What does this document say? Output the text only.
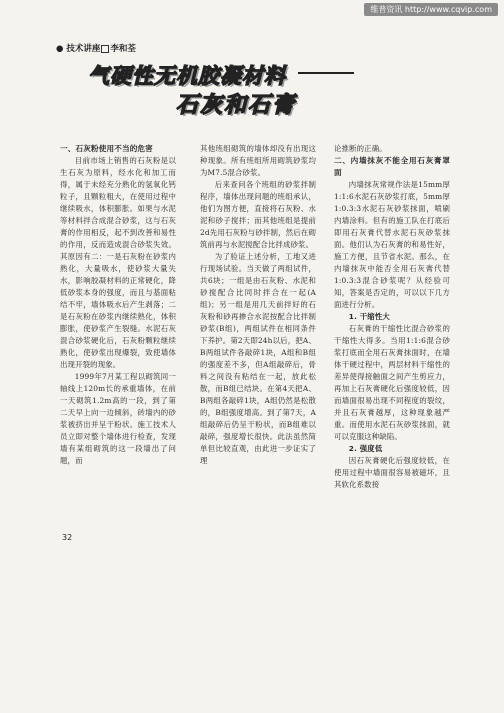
维普资讯 http://www.cqvip.com
● 技术讲座 李和荃
气硬性无机胶凝材料
石灰和石膏
一、石灰粉使用不当的危害

目前市场上销售的石灰粉是以生石灰为原料，经水化和加工而得，属于未经充分熟化的氢氧化钙粒子，且颗粒粗大，在使用过程中继续吸水，体积膨胀。如果与水泥等材料拌合成混合砂浆，这与石灰膏的作用相反，起不到改善和易性的作用，反而造成混合砂浆失效。其原因有二：一是石灰粉在砂浆内熟化，大量吸水，使砂浆大量失水，影响胶凝材料的正常硬化，降低砂浆本身的强度，而且与基面粘结不牢，墙体吸水后产生剥落；二是石灰粉在砂浆内继续熟化，体积膨胀，使砂浆产生裂缝。水泥石灰混合砂浆硬化后，石灰粉颗粒继续熟化，使砂浆出现爆裂，致使墙体出现开裂的现象。

1999年7月某工程以砌筑同一轴线上120m长的承重墙体，在前一天砌筑1.2m高的一段，到了第二天早上向一边倾斜，砖墙内的砂浆被挤出并呈干粉状。施工技术人员立即对整个墙体进行检查，发现墙有某组砌筑的这一段墙出了问题，而

其他班组砌筑的墙体却没有出现这种现象。所有班组所用砌筑砂浆均为M7.5混合砂浆。

后来查问各个班组的砂浆拌制程序，墙体出现问题的班组承认，他们为图方便，直接将石灰粉、水泥和砂子搅拌；而其他班组是提前2d先用石灰粉与砂拌制，然后在砌筑前再与水泥搅配合比拌成砂浆。

为了验证上述分析，工地又进行现场试验。当天做了两组试件，共6块；一组是由石灰粉、水泥和砂搅配合比同时拌合在一起(A组)；另一组是用几天前拌好的石灰粉和砂再掺合水泥按配合比拌制砂浆(B组)，两组试件在相同条件下养护。第2天即24h以后，把A、B两组试件各敲碎1块，A组和B组的强度差不多，但A组敲碎后，骨料之间没有粘结在一起，放此松散，而B组已结块。在第4天把A、B两组各敲碎1块，A组仍然是松散的，B组强度增高。到了第7天，A组敲碎后仍呈干粉状，而B组难以敲碎，强度增长很快。此法虽然简单但比较直观，由此进一步证实了理

论推断的正确。

二、内墙抹灰不能全用石灰膏罩面

内墙抹灰常规作法是15mm厚1:1:6水泥石灰砂浆打底，5mm厚1:0.3:3水泥石灰砂浆抹面，喷刷内墙涂料。但有的施工队在打底后即用石灰膏代替水泥石灰砂浆抹面。他们认为石灰膏的和易性好，施工方便，且节省水泥。那么，在内墙抹灰中能否全用石灰膏代替1:0.3:3混合砂浆呢？从经验可知，答案是否定的，可以以下几方面进行分析。

1. 干缩性大

石灰膏的干缩性比混合砂浆的干缩性大得多。当用1:1:6混合砂浆打底而全用石灰膏抹面时，在墙体干硬过程中，两层材料干缩性的差异使得接触面之间产生剪应力，再加上石灰膏硬化后强度较低，因而墙面很易出现不同程度的裂纹，并且石灰膏越厚，这种现象越严重。而使用水泥石灰砂浆抹面，就可以克服这种缺陷。

2. 强度低

因石灰膏硬化后强度较低，在使用过程中墙面很容易被磁坏，且其软化系数接

32
